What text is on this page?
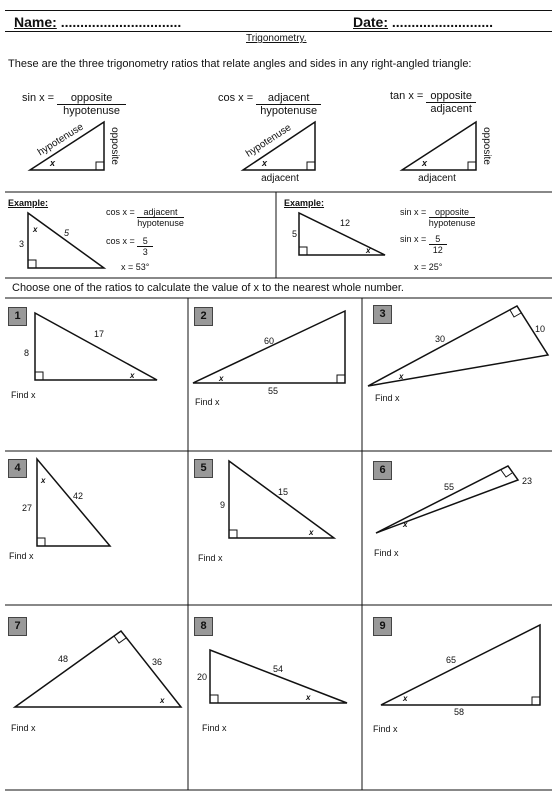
Name: ...............................	Date: ..........................
Trigonometry.
These are the three trigonometry ratios that relate angles and sides in any right-angled triangle:
$\sin x = \frac{\text{opposite}}{\text{hypotenuse}}$	$\cos x = \frac{\text{adjacent}}{\text{hypotenuse}}$	$\tan x = \frac{\text{opposite}}{\text{adjacent}}$
hypotenuse opposite
x
hypotenuse
adjacent
x	opposite
adjacent
x
3
5
x	5
12
x
17
8
x
60
55
x
30
10
x
42
27
x
15
9
x
55
23
x
48	36
x
54
20
x
65
58
x
Example:
$\cos x = \frac{\text{adjacent}}{\text{hypotenuse}}$
$\cos x = \frac{5}{3}$
x = 53°
Example:
$\sin x = \frac{\text{opposite}}{\text{hypotenuse}}$
$\sin x = \frac{5}{12}$
x = 25°
Choose one of the ratios to calculate the value of x to the nearest whole number.
1	2	3
4	5	6
7	8	9
Find x
Find x	Find x
Find x	Find x	Find x
Find x	Find x	Find x
